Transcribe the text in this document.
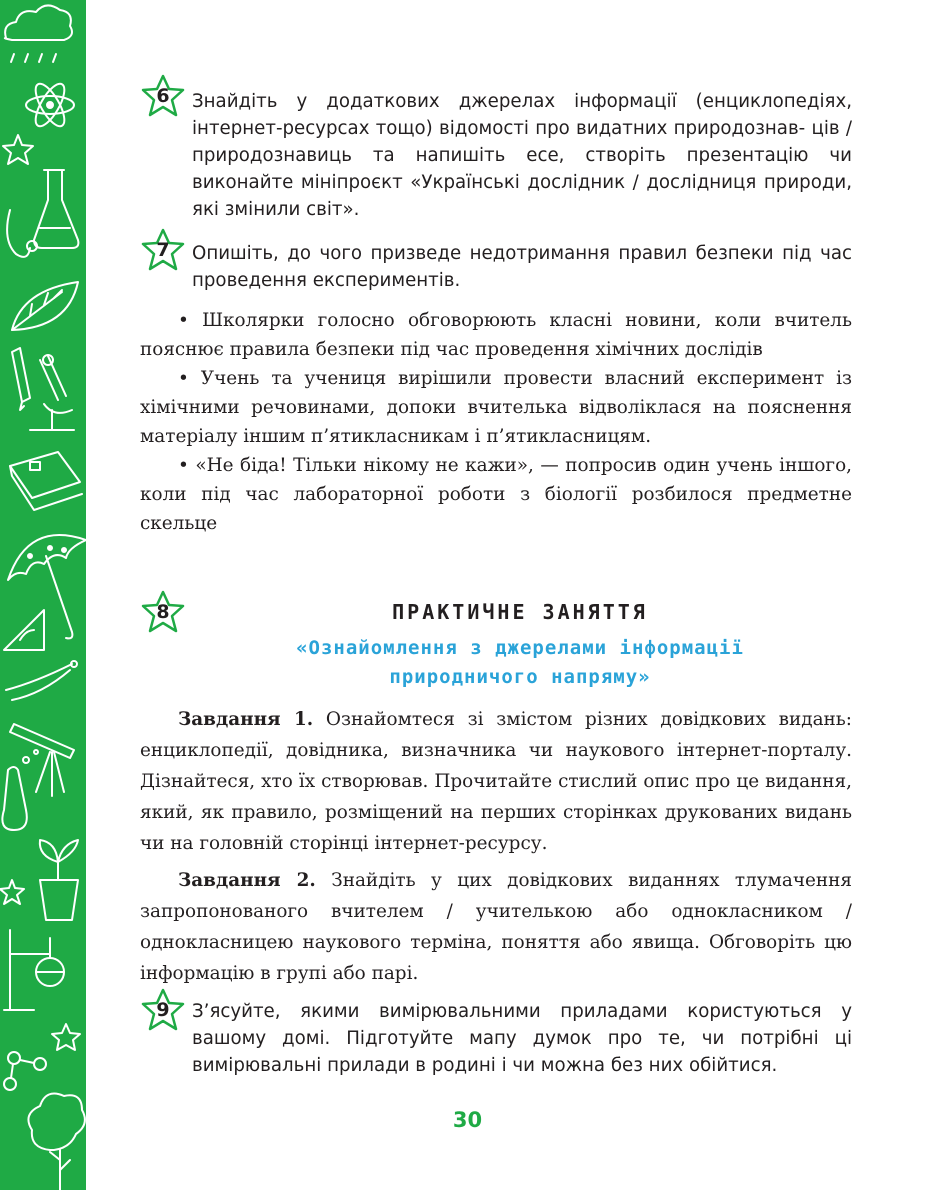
6	Знайдіть у додаткових джерелах інформації (енциклопедіях, інтернет-ресурсах тощо) відомості про видатних природознав- ців / природознавиць та напишіть есе, створіть презентацію чи виконайте мініпроєкт «Українські дослідник / дослідниця природи, які змінили світ».
7	Опишіть, до чого призведе недотримання правил безпеки під час проведення експериментів.

• Школярки голосно обговорюють класні новини, коли вчитель пояснює правила безпеки під час проведення хімічних дослідів

• Учень та учениця вирішили провести власний експеримент із хімічними речовинами, допоки вчителька відволіклася на пояснення матеріалу іншим п’ятикласникам і п’ятикласницям.

• «Не біда! Тільки нікому не кажи», — попросив один учень іншого, коли під час лабораторної роботи з біології розбилося предметне скельце

8	ПРАКТИЧНЕ ЗАНЯТТЯ
«Ознайомлення з джерелами інформації
природничого напряму»

Завдання 1. Ознайомтеся зі змістом різних довідкових видань: енциклопедії, довідника, визначника чи наукового інтернет-порталу. Дізнайтеся, хто їх створював. Прочитайте стислий опис про це видання, який, як правило, розміщений на перших сторінках друкованих видань чи на головній сторінці інтернет-ресурсу.

Завдання 2. Знайдіть у цих довідкових виданнях тлумачення запропонованого вчителем / учителькою або однокласником / однокласницею наукового терміна, поняття або явища. Обговоріть цю інформацію в групі або парі.

9	З’ясуйте, якими вимірювальними приладами користуються у вашому домі. Підготуйте мапу думок про те, чи потрібні ці вимірювальні прилади в родині і чи можна без них обійтися.
30
